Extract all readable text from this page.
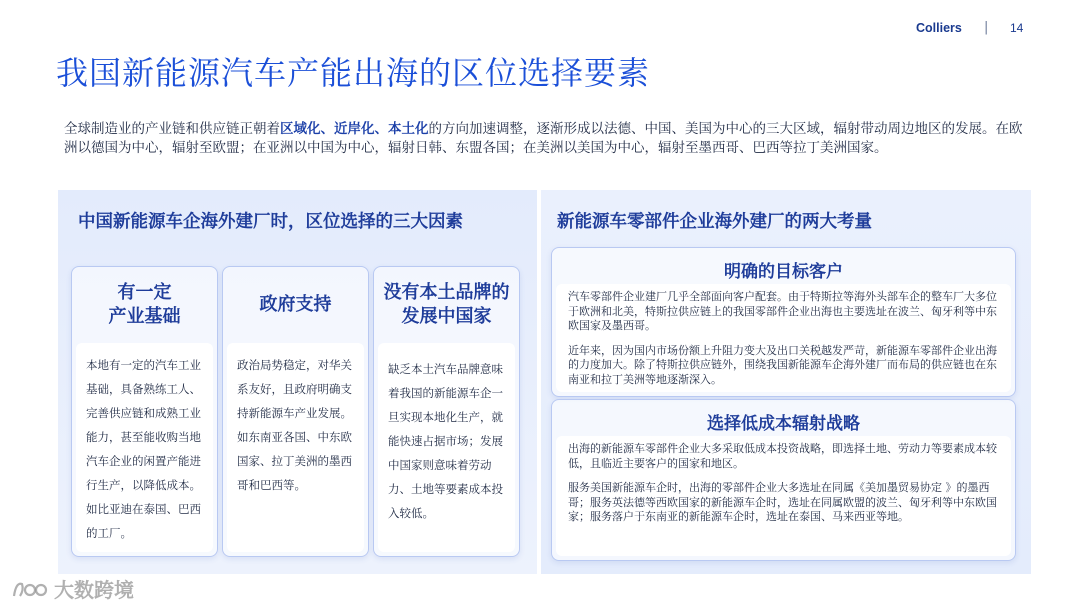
Colliers | 14
我国新能源汽车产能出海的区位选择要素
全球制造业的产业链和供应链正朝着区域化、近岸化、本土化的方向加速调整，逐渐形成以法德、中国、美国为中心的三大区域，辐射带动周边地区的发展。在欧洲以德国为中心，辐射至欧盟；在亚洲以中国为中心，辐射日韩、东盟各国；在美洲以美国为中心，辐射至墨西哥、巴西等拉丁美洲国家。
中国新能源车企海外建厂时，区位选择的三大因素
有一定
产业基础
本地有一定的汽车工业基础，具备熟练工人、完善供应链和成熟工业能力，甚至能收购当地汽车企业的闲置产能进行生产，以降低成本。如比亚迪在泰国、巴西的工厂。
政府支持
政治局势稳定，对华关系友好，且政府明确支持新能源车产业发展。如东南亚各国、中东欧国家、拉丁美洲的墨西哥和巴西等。
没有本土品牌的发展中国家
缺乏本土汽车品牌意味着我国的新能源车企一旦实现本地化生产，就能快速占据市场；发展中国家则意味着劳动力、土地等要素成本投入较低。
新能源车零部件企业海外建厂的两大考量
明确的目标客户

汽车零部件企业建厂几乎全部面向客户配套。由于特斯拉等海外头部车企的整车厂大多位于欧洲和北美，特斯拉供应链上的我国零部件企业出海也主要选址在波兰、匈牙利等中东欧国家及墨西哥。

近年来，因为国内市场份额上升阻力变大及出口关税越发严苛，新能源车零部件企业出海的力度加大。除了特斯拉供应链外，围绕我国新能源车企海外建厂而布局的供应链也在东南亚和拉丁美洲等地逐渐深入。

选择低成本辐射战略

出海的新能源车零部件企业大多采取低成本投资战略，即选择土地、劳动力等要素成本较低，且临近主要客户的国家和地区。

服务美国新能源车企时，出海的零部件企业大多选址在同属《美加墨贸易协定 》的墨西哥；服务英法德等西欧国家的新能源车企时，选址在同属欧盟的波兰、匈牙利等中东欧国家；服务落户于东南亚的新能源车企时，选址在泰国、马来西亚等地。

大数跨境
